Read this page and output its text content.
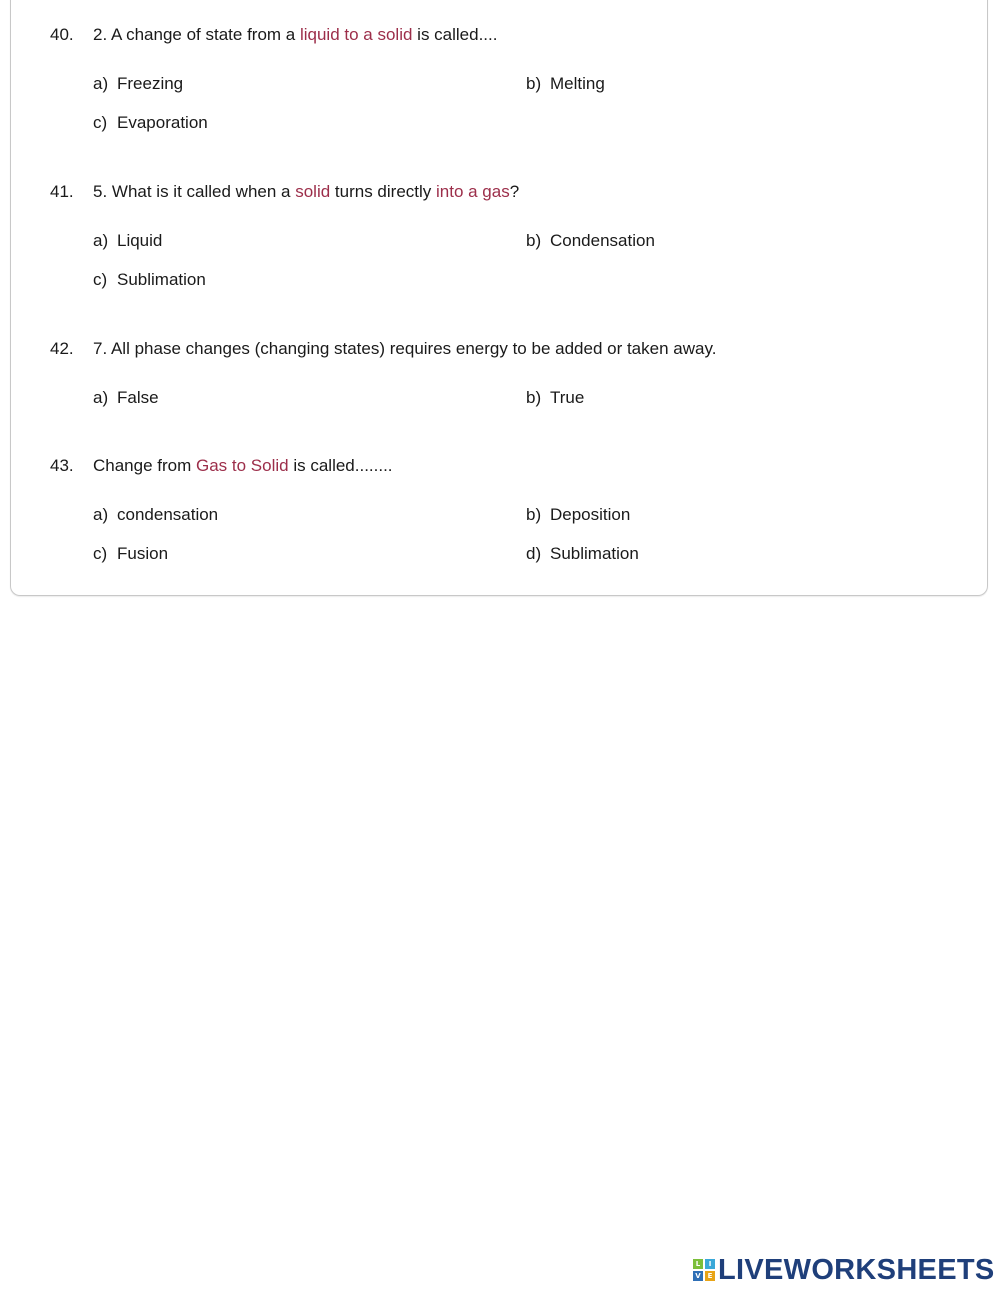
40.	2. A change of state from a liquid to a solid is called....
a) Freezing	b) Melting
c) Evaporation
41.	5. What is it called when a solid turns directly into a gas?
a) Liquid	b) Condensation
c) Sublimation
42.	7. All phase changes (changing states) requires energy to be added or taken away.
a) False	b) True
43.	Change from Gas to Solid is called........
a) condensation	b) Deposition
c) Fusion	d) Sublimation
L	I
V E LIVEWORKSHEETS
